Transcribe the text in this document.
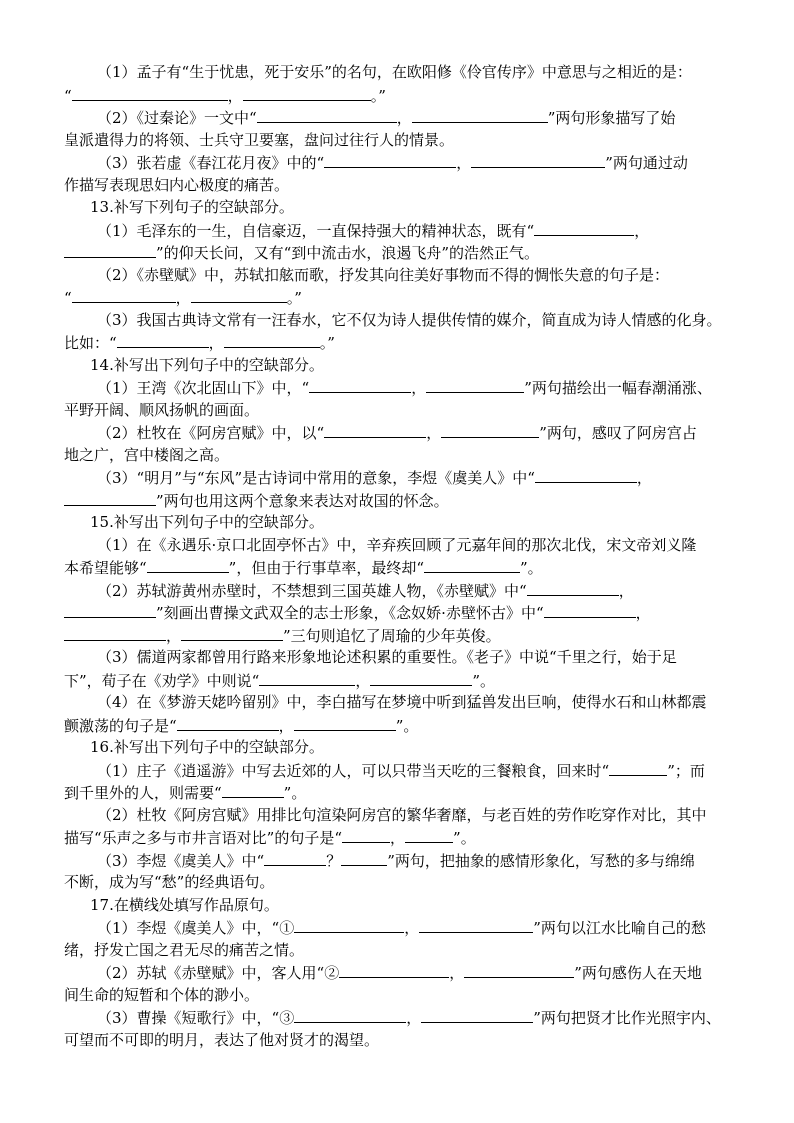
（1）孟子有“生于忧患，死于安乐”的名句，在欧阳修《伶官传序》中意思与之相近的是：
“	，	。”
（2）《过秦论》一文中“	，	”两句形象描写了始
皇派遣得力的将领、士兵守卫要塞，盘问过往行人的情景。
（3）张若虚《春江花月夜》中的“	，	”两句通过动
作描写表现思妇内心极度的痛苦。
13.补写下列句子的空缺部分。
（1）毛泽东的一生，自信豪迈，一直保持强大的精神状态，既有“	，
”的仰天长问，又有“到中流击水，浪遏飞舟”的浩然正气。
（2）《赤壁赋》中，苏轼扣舷而歌，抒发其向往美好事物而不得的惆怅失意的句子是：
“	，	。”
（3）我国古典诗文常有一汪春水，它不仅为诗人提供传情的媒介，简直成为诗人情感的化身。
比如：“	，	。”
14.补写出下列句子中的空缺部分。
（1）王湾《次北固山下》中，“	，	”两句描绘出一幅春潮涌涨、
平野开阔、顺风扬帆的画面。
（2）杜牧在《阿房宫赋》中，以“	，	”两句，感叹了阿房宫占
地之广，宫中楼阁之高。
（3）“明月”与“东风”是古诗词中常用的意象，李煜《虞美人》中“	，
”两句也用这两个意象来表达对故国的怀念。
15.补写出下列句子中的空缺部分。
（1）在《永遇乐·京口北固亭怀古》中，辛弃疾回顾了元嘉年间的那次北伐，宋文帝刘义隆
本希望能够“	”，但由于行事草率，最终却“	”。
（2）苏轼游黄州赤壁时，不禁想到三国英雄人物，《赤壁赋》中“	，
”刻画出曹操文武双全的志士形象，《念奴娇·赤壁怀古》中“	，
，	”三句则追忆了周瑜的少年英俊。
（3）儒道两家都曾用行路来形象地论述积累的重要性。《老子》中说“千里之行，始于足
下”，荀子在《劝学》中则说“	，	”。
（4）在《梦游天姥吟留别》中，李白描写在梦境中听到猛兽发出巨响，使得水石和山林都震
颤激荡的句子是“	，	”。
16.补写出下列句子中的空缺部分。
（1）庄子《逍遥游》中写去近郊的人，可以只带当天吃的三餐粮食，回来时“	”；而
到千里外的人，则需要“	”。
（2）杜牧《阿房宫赋》用排比句渲染阿房宫的繁华奢靡，与老百姓的劳作吃穿作对比，其中
描写“乐声之多与市井言语对比”的句子是“	，	”。
（3）李煜《虞美人》中“	？	”两句，把抽象的感情形象化，写愁的多与绵绵
不断，成为写“愁”的经典语句。
17.在横线处填写作品原句。
（1）李煜《虞美人》中，“①	，	”两句以江水比喻自己的愁
绪，抒发亡国之君无尽的痛苦之情。
（2）苏轼《赤壁赋》中，客人用“②	，	”两句感伤人在天地
间生命的短暂和个体的渺小。
（3）曹操《短歌行》中，“③	，	”两句把贤才比作光照宇内、
可望而不可即的明月，表达了他对贤才的渴望。
